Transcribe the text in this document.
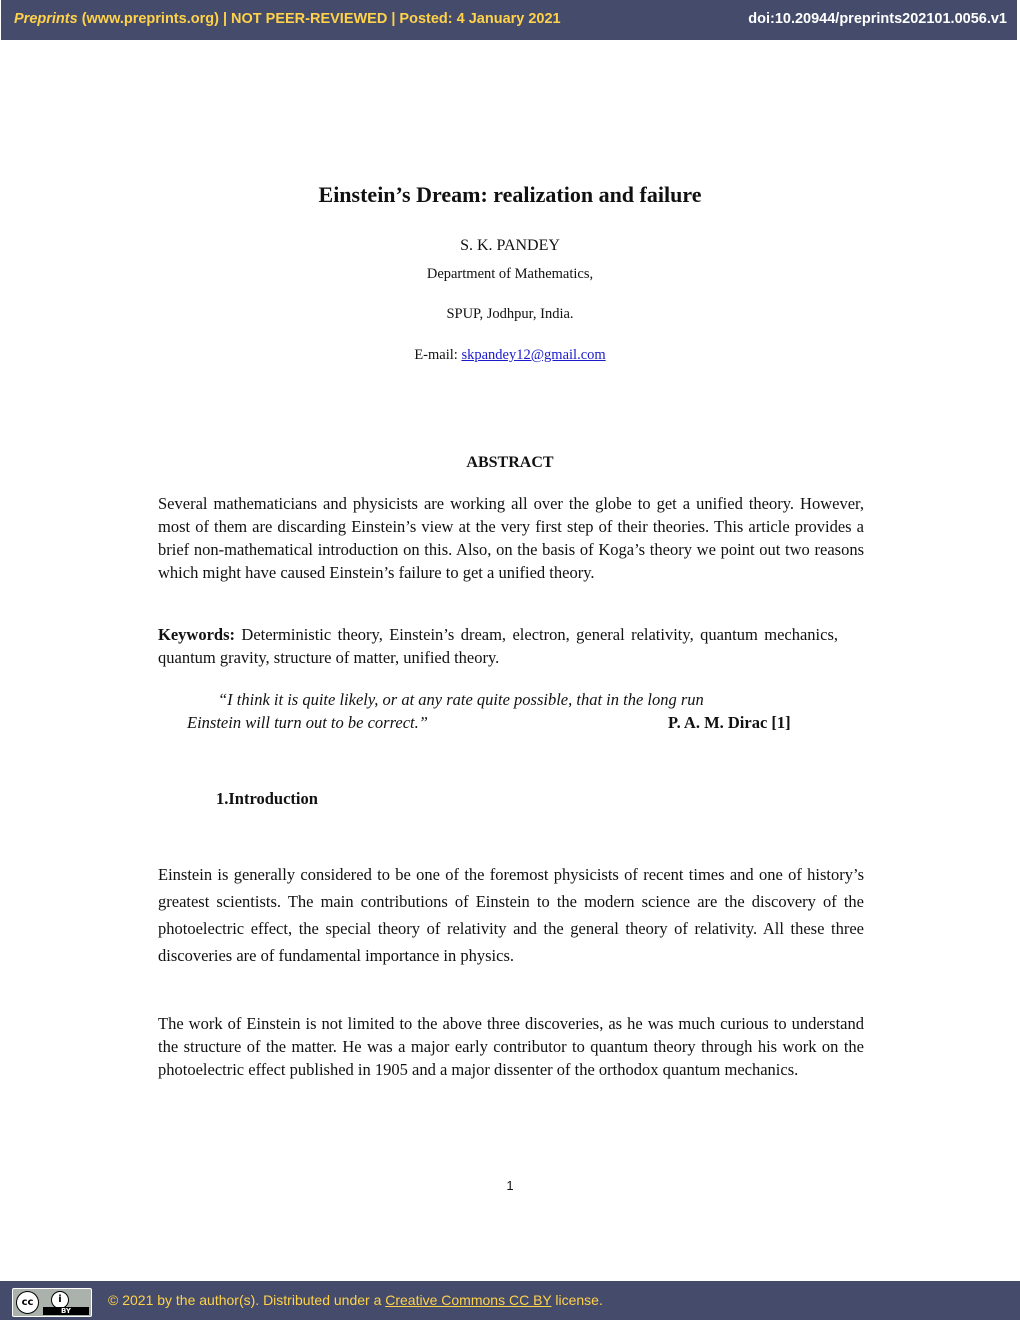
Preprints (www.preprints.org) | NOT PEER-REVIEWED | Posted: 4 January 2021	doi:10.20944/preprints202101.0056.v1
Einstein’s Dream: realization and failure
S. K. PANDEY
Department of Mathematics,
SPUP, Jodhpur, India.
E-mail: skpandey12@gmail.com
ABSTRACT

Several mathematicians and physicists are working all over the globe to get a unified theory. However, most of them are discarding Einstein’s view at the very first step of their theories. This article provides a brief non-mathematical introduction on this. Also, on the basis of Koga’s theory we point out two reasons which might have caused Einstein’s failure to get a unified theory.

Keywords: Deterministic theory, Einstein’s dream, electron, general relativity, quantum mechanics, quantum gravity, structure of matter, unified theory.

“I think it is quite likely, or at any rate quite possible, that in the long run
Einstein will turn out to be correct.”	P. A. M. Dirac [1]
1.Introduction

Einstein is generally considered to be one of the foremost physicists of recent times and one of history’s greatest scientists. The main contributions of Einstein to the modern science are the discovery of the photoelectric effect, the special theory of relativity and the general theory of relativity. All these three discoveries are of fundamental importance in physics.

The work of Einstein is not limited to the above three discoveries, as he was much curious to understand the structure of the matter. He was a major early contributor to quantum theory through his work on the photoelectric effect published in 1905 and a major dissenter of the orthodox quantum mechanics.

1
cc	i
BY
© 2021 by the author(s). Distributed under a Creative Commons CC BY license.
